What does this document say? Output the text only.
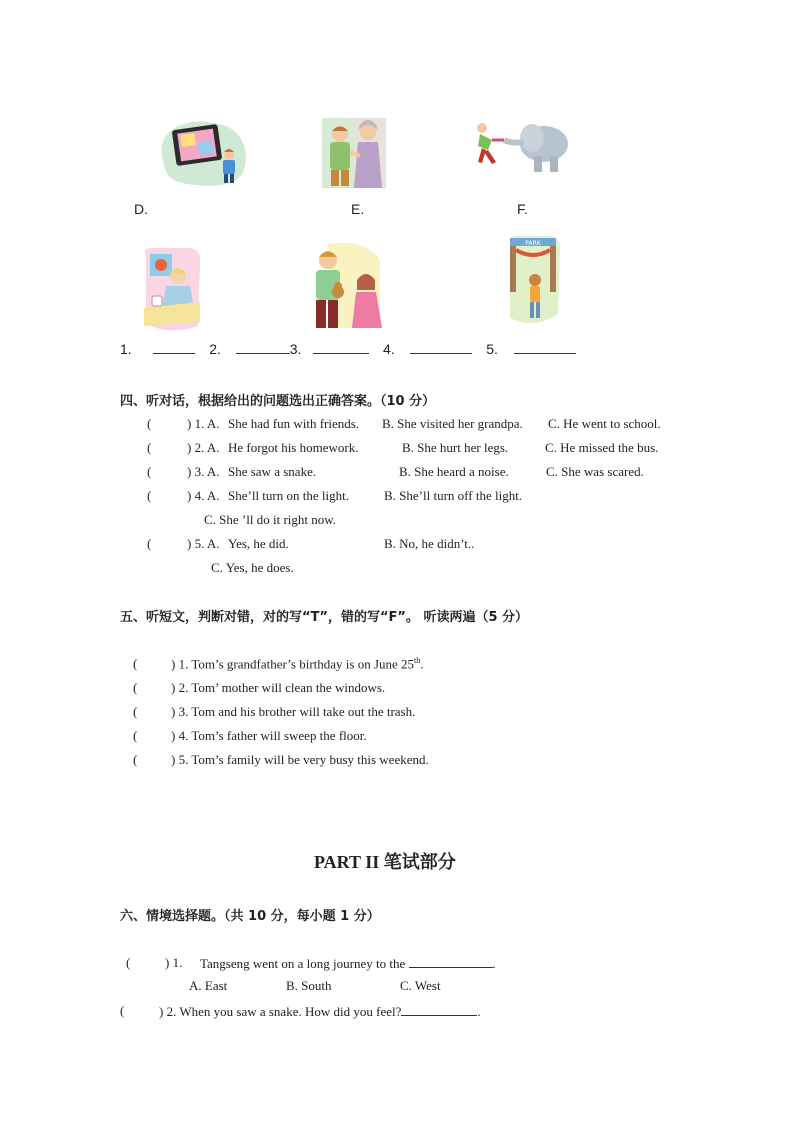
D.	E.	F.
PARK
1.	2.	3.	4.	5.
四、听对话，根据给出的问题选出正确答案。（10 分）
(	) 1. A. She had fun with friends. B. She visited her grandpa. C. He went to school.
(	) 2. A. He forgot his homework.	B. She hurt her legs.	C. He missed the bus.
(	) 3. A. She saw a snake.	B. She heard a noise.	C. She was scared.
(	) 4. A. She’ll turn on the light.	B. She’ll turn off the light.
C. She ’ll do it right now.
(	) 5. A. Yes, he did.	B. No, he didn’t..
C. Yes, he does.
五、听短文，判断对错，对的写“T”，错的写“F”。 听读两遍（5 分）
(	) 1. Tom’s grandfather’s birthday is on June 25th.
(	) 2. Tom’ mother will clean the windows.
(	) 3. Tom and his brother will take out the trash.
(	) 4. Tom’s father will sweep the floor.
(	) 5. Tom’s family will be very busy this weekend.
PART II 笔试部分
六、情境选择题。（共 10 分，每小题 1 分）
(	) 1. Tangseng went on a long journey to the	.
A. East	B. South	C. West
(	) 2. When you saw a snake. How did you feel?	.
